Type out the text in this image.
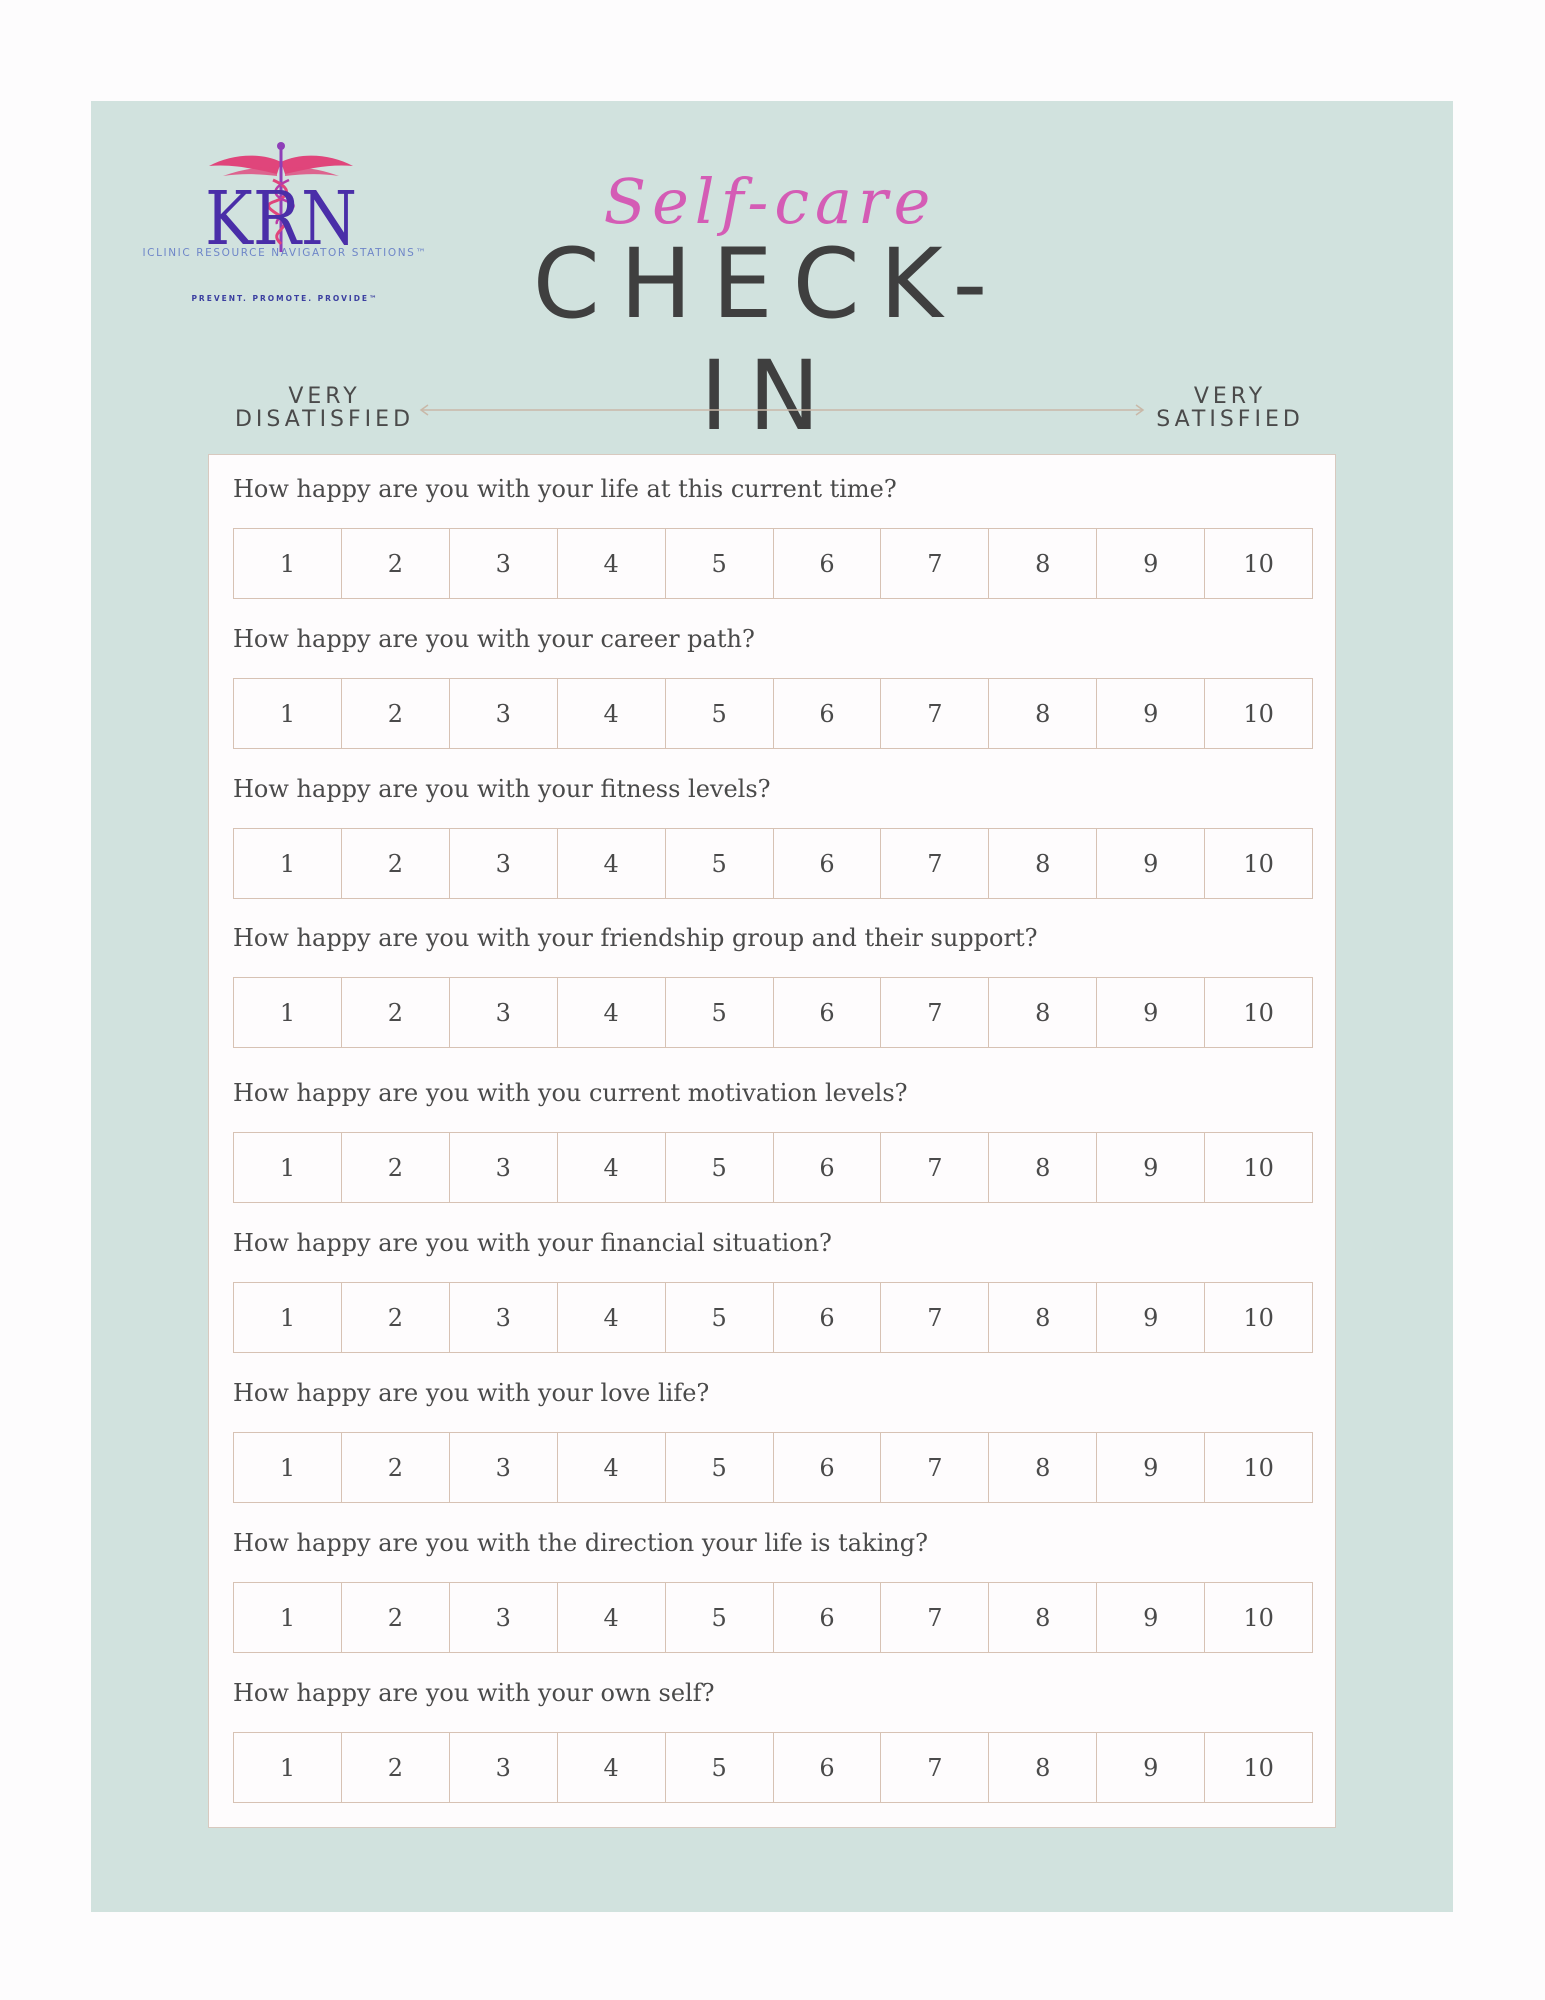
KRN
ICLINIC RESOURCE NAVIGATOR STATIONS™
PREVENT. PROMOTE. PROVIDE™
Self-care
CHECK-IN
VERY
DISATISFIED
VERY
SATISFIED
How happy are you with your life at this current time?
1	2	3	4	5	6	7	8	9	10
How happy are you with your career path?
1	2	3	4	5	6	7	8	9	10
How happy are you with your fitness levels?
1	2	3	4	5	6	7	8	9	10
How happy are you with your friendship group and their support?
1	2	3	4	5	6	7	8	9	10
How happy are you with you current motivation levels?
1	2	3	4	5	6	7	8	9	10
How happy are you with your financial situation?
1	2	3	4	5	6	7	8	9	10
How happy are you with your love life?
1	2	3	4	5	6	7	8	9	10
How happy are you with the direction your life is taking?
1	2	3	4	5	6	7	8	9	10
How happy are you with your own self?
1	2	3	4	5	6	7	8	9	10
